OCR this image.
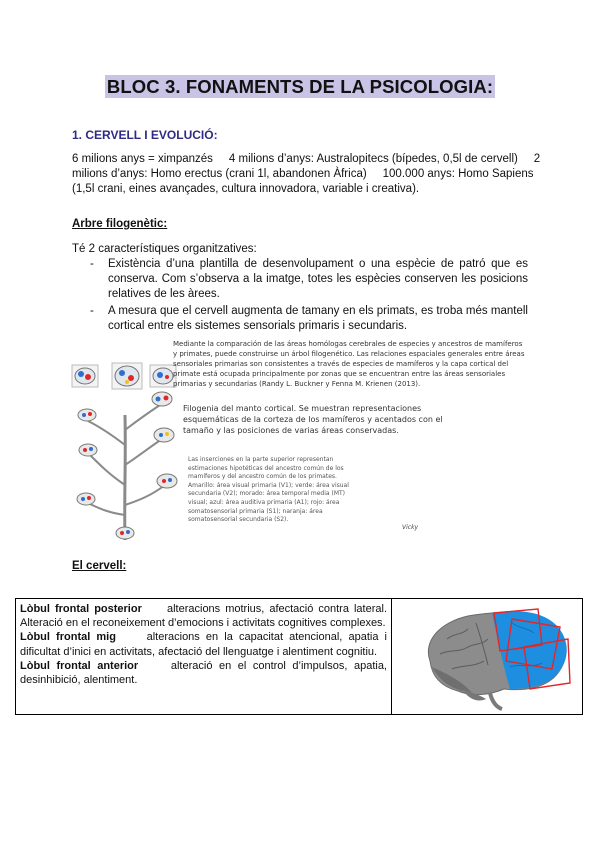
BLOC 3. FONAMENTS DE LA PSICOLOGIA:
1. CERVELL I EVOLUCIÓ:
6 milions anys = ximpanzés     4 milions d’anys: Australopitecs (bípedes, 0,5l de cervell)     2
milions d’anys: Homo erectus (crani 1l, abandonen Àfrica)     100.000 anys: Homo Sapiens
(1,5l crani, eines avançades, cultura innovadora, variable i creativa).
Arbre filogenètic:
Té 2 característiques organitzatives:
- Existència d’una plantilla de desenvolupament o una espècie de patró que es conserva. Com s’observa a la imatge, totes les espècies conserven les posicions relatives de les àrees.
- A mesura que el cervell augmenta de tamany en els primats, es troba més mantell cortical entre els sistemes sensorials primaris i secundaris.
Mediante la comparación de las áreas homólogas cerebrales de especies y ancestros de mamíferos y primates, puede construirse un árbol filogenético. Las relaciones espaciales generales entre áreas sensoriales primarias son consistentes a través de especies de mamíferos y la capa cortical del primate está ocupada principalmente por zonas que se encuentran entre las áreas sensoriales primarias y secundarias (Randy L. Buckner y Fenna M. Krienen (2013).
Filogenia del manto cortical. Se muestran representaciones esquemáticas de la corteza de los mamíferos y acentados con el tamaño y las posiciones de varias áreas conservadas.
Las inserciones en la parte superior representan estimaciones hipotéticas del ancestro común de los mamíferos y del ancestro común de los primates. Amarillo: área visual primaria (V1); verde: área visual secundaria (V2); morado: área temporal media (MT) visual; azul: área auditiva primaria (A1); rojo: área somatosensorial primaria (S1); naranja: área somatosensorial secundaria (S2).
Vicky
El cervell:

Lòbul frontal posterior alteracions motrius, afectació contra lateral. Alteració en el reconeixement d’emocions i activitats cognitives complexes.

Lòbul frontal mig	alteracions en la capacitat atencional, apatia i dificultat d’inici en activitats, afectació del llenguatge i alentiment cognitiu.

Lòbul frontal anterior	alteració en el control d’impulsos, apatia, desinhibició, alentiment.
